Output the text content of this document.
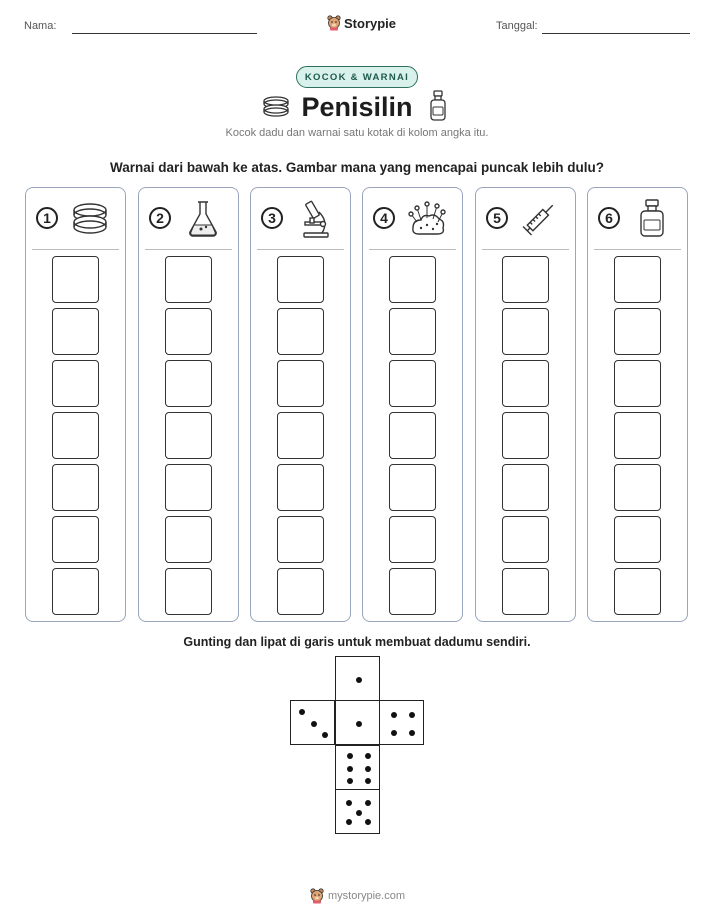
Nama:	Storypie	Tanggal:
KOCOK & WARNAI
Penisilin
Kocok dadu dan warnai satu kotak di kolom angka itu.
Warnai dari bawah ke atas. Gambar mana yang mencapai puncak lebih dulu?
1	2	3	4	5	6
Gunting dan lipat di garis untuk membuat dadumu sendiri.
mystorypie.com
